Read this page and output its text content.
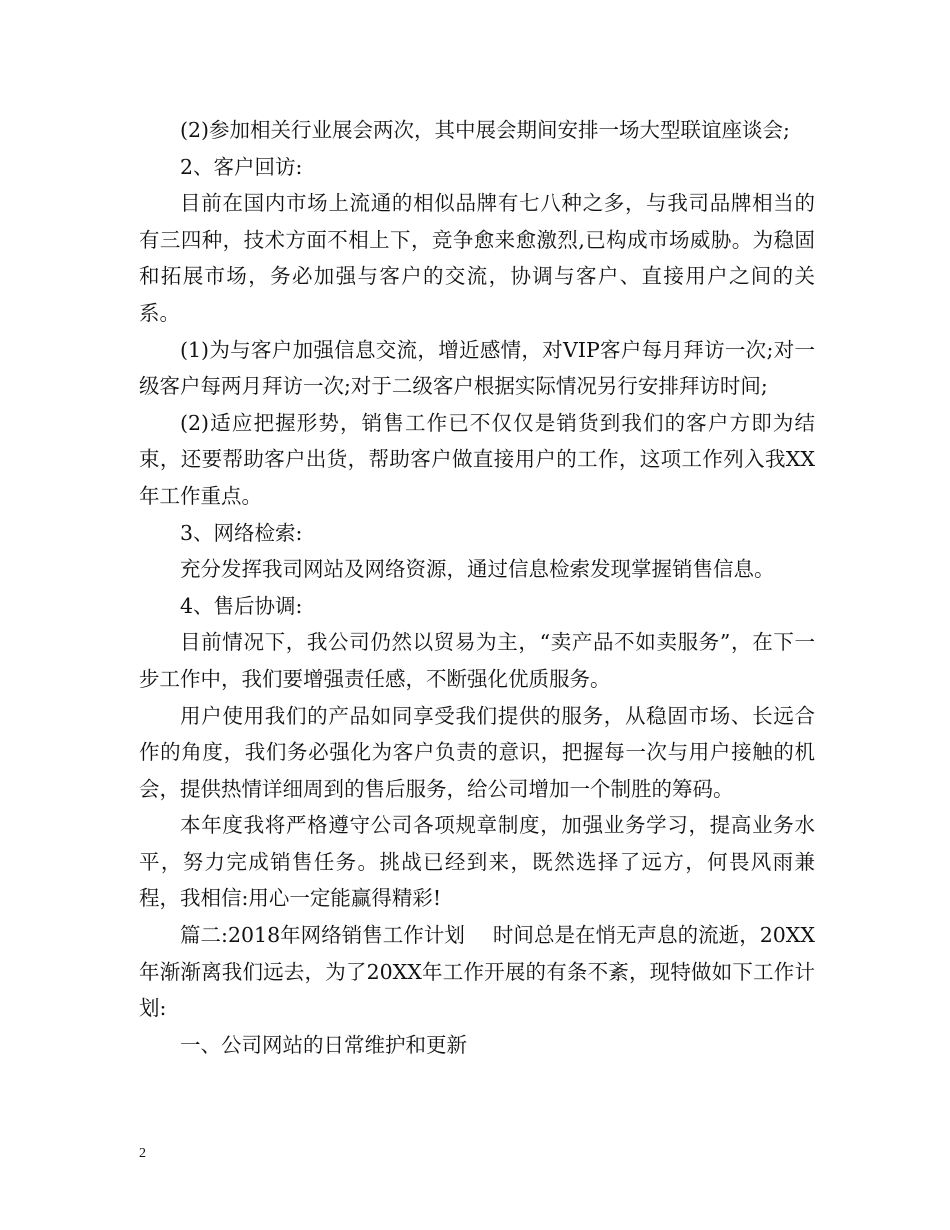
(2)参加相关行业展会两次，其中展会期间安排一场大型联谊座谈会;

2、客户回访:

目前在国内市场上流通的相似品牌有七八种之多，与我司品牌相当的有三四种，技术方面不相上下，竞争愈来愈激烈,已构成市场威胁。为稳固和拓展市场，务必加强与客户的交流，协调与客户、直接用户之间的关系。

(1)为与客户加强信息交流，增近感情，对VIP客户每月拜访一次;对一级客户每两月拜访一次;对于二级客户根据实际情况另行安排拜访时间;

(2)适应把握形势，销售工作已不仅仅是销货到我们的客户方即为结束，还要帮助客户出货，帮助客户做直接用户的工作，这项工作列入我XX年工作重点。

3、网络检索:

充分发挥我司网站及网络资源，通过信息检索发现掌握销售信息。

4、售后协调:

目前情况下，我公司仍然以贸易为主，“卖产品不如卖服务”，在下一步工作中，我们要增强责任感，不断强化优质服务。

用户使用我们的产品如同享受我们提供的服务，从稳固市场、长远合作的角度，我们务必强化为客户负责的意识，把握每一次与用户接触的机会，提供热情详细周到的售后服务，给公司增加一个制胜的筹码。

本年度我将严格遵守公司各项规章制度，加强业务学习，提高业务水平，努力完成销售任务。挑战已经到来，既然选择了远方，何畏风雨兼程，我相信:用心一定能赢得精彩!

篇二:2018年网络销售工作计划 时间总是在悄无声息的流逝，20XX年渐渐离我们远去，为了20XX年工作开展的有条不紊，现特做如下工作计划:

一、公司网站的日常维护和更新

2
